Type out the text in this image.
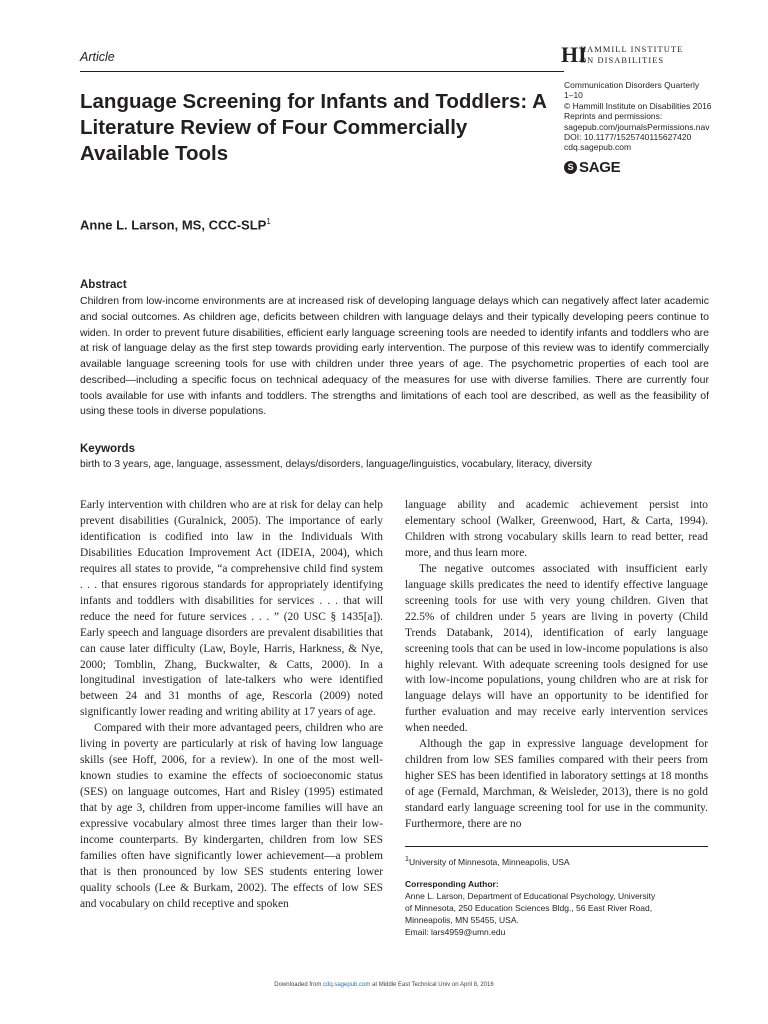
Article	HI
HAMMILL INSTITUTE
ON DISABILITIES
Communication Disorders Quarterly
1–10
© Hammill Institute on Disabilities 2016
Reprints and permissions:
sagepub.com/journalsPermissions.nav
DOI: 10.1177/1525740115627420
cdq.sagepub.com
S SAGE
Language Screening for Infants and Toddlers: A Literature Review of Four Commercially Available Tools
Anne L. Larson, MS, CCC-SLP$^1$
Abstract

Children from low-income environments are at increased risk of developing language delays which can negatively affect later academic and social outcomes. As children age, deficits between children with language delays and their typically developing peers continue to widen. In order to prevent future disabilities, efficient early language screening tools are needed to identify infants and toddlers who are at risk of language delay as the first step towards providing early intervention. The purpose of this review was to identify commercially available language screening tools for use with children under three years of age. The psychometric properties of each tool are described—including a specific focus on technical adequacy of the measures for use with diverse families. There are currently four tools available for use with infants and toddlers. The strengths and limitations of each tool are described, as well as the feasibility of using these tools in diverse populations.

Keywords
birth to 3 years, age, language, assessment, delays/disorders, language/linguistics, vocabulary, literacy, diversity

Early intervention with children who are at risk for delay can help prevent disabilities (Guralnick, 2005). The importance of early identification is codified into law in the Individuals With Disabilities Education Improvement Act (IDEIA, 2004), which requires all states to provide, “a comprehensive child find system . . . that ensures rigorous standards for appropriately identifying infants and toddlers with disabilities for services . . . that will reduce the need for future services . . . ” (20 USC § 1435[a]). Early speech and language disorders are prevalent disabilities that can cause later difficulty (Law, Boyle, Harris, Harkness, & Nye, 2000; Tomblin, Zhang, Buckwalter, & Catts, 2000). In a longitudinal investigation of late-talkers who were identified between 24 and 31 months of age, Rescorla (2009) noted significantly lower reading and writing ability at 17 years of age.

Compared with their more advantaged peers, children who are living in poverty are particularly at risk of having low language skills (see Hoff, 2006, for a review). In one of the most well-known studies to examine the effects of socioeconomic status (SES) on language outcomes, Hart and Risley (1995) estimated that by age 3, children from upper-income families will have an expressive vocabulary almost three times larger than their low-income counterparts. By kindergarten, children from low SES families often have significantly lower achievement—a problem that is then pronounced by low SES students entering lower quality schools (Lee & Burkam, 2002). The effects of low SES and vocabulary on child receptive and spoken

language ability and academic achievement persist into elementary school (Walker, Greenwood, Hart, & Carta, 1994). Children with strong vocabulary skills learn to read better, read more, and thus learn more.

The negative outcomes associated with insufficient early language skills predicates the need to identify effective language screening tools for use with very young children. Given that 22.5% of children under 5 years are living in poverty (Child Trends Databank, 2014), identification of early language screening tools that can be used in low-income populations is also highly relevant. With adequate screening tools designed for use with low-income populations, young children who are at risk for language delays will have an opportunity to be identified for further evaluation and may receive early intervention services when needed.

Although the gap in expressive language development for children from low SES families compared with their peers from higher SES has been identified in laboratory settings at 18 months of age (Fernald, Marchman, & Weisleder, 2013), there is no gold standard early language screening tool for use in the community. Furthermore, there are no

$^1$University of Minnesota, Minneapolis, USA
Corresponding Author:
Anne L. Larson, Department of Educational Psychology, University
of Minnesota, 250 Education Sciences Bldg., 56 East River Road,
Minneapolis, MN 55455, USA.
Email: lars4959@umn.edu
Downloaded from cdq.sagepub.com at Middle East Technical Univ on April 8, 2016
